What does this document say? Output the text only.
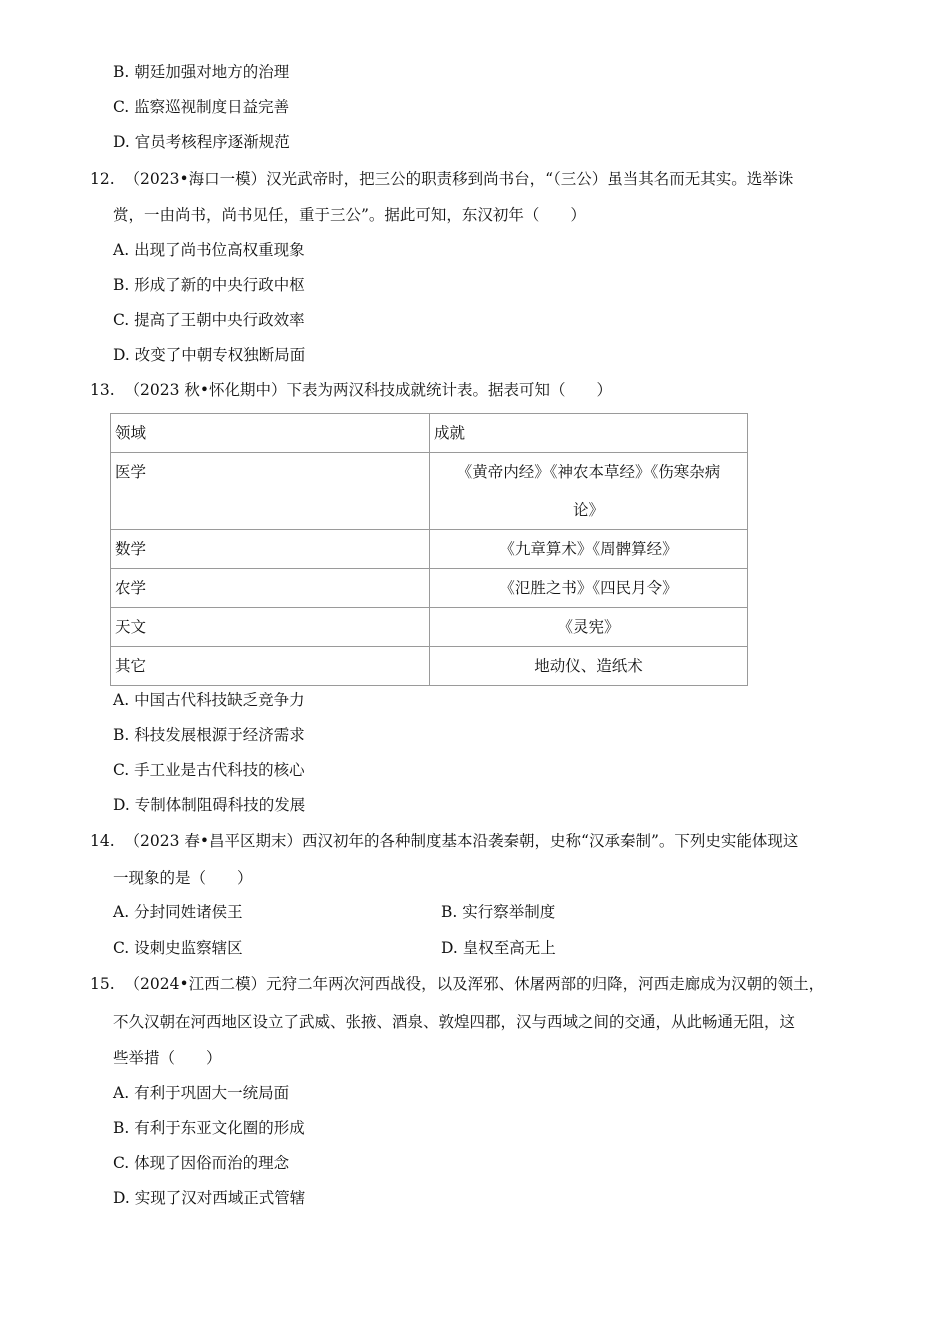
B. 朝廷加强对地方的治理
C. 监察巡视制度日益完善
D. 官员考核程序逐渐规范
12. （2023•海口一模）汉光武帝时，把三公的职责移到尚书台，“（三公）虽当其名而无其实。选举诛
赏，一由尚书，尚书见任，重于三公”。据此可知，东汉初年（　　）
A. 出现了尚书位高权重现象
B. 形成了新的中央行政中枢
C. 提高了王朝中央行政效率
D. 改变了中朝专权独断局面
13. （2023 秋•怀化期中）下表为两汉科技成就统计表。据表可知（　　）
领域	成就
医学	《黄帝内经》《神农本草经》《伤寒杂病
论》

数学	《九章算术》《周髀算经》
农学	《氾胜之书》《四民月令》
天文	《灵宪》
其它	地动仪、造纸术
A. 中国古代科技缺乏竞争力
B. 科技发展根源于经济需求
C. 手工业是古代科技的核心
D. 专制体制阻碍科技的发展
14. （2023 春•昌平区期末）西汉初年的各种制度基本沿袭秦朝，史称“汉承秦制”。下列史实能体现这
一现象的是（　　）
A. 分封同姓诸侯王	B. 实行察举制度
C. 设刺史监察辖区	D. 皇权至高无上
15. （2024•江西二模）元狩二年两次河西战役，以及浑邪、休屠两部的归降，河西走廊成为汉朝的领土，
不久汉朝在河西地区设立了武威、张掖、酒泉、敦煌四郡，汉与西域之间的交通，从此畅通无阻，这
些举措（　　）
A. 有利于巩固大一统局面
B. 有利于东亚文化圈的形成
C. 体现了因俗而治的理念
D. 实现了汉对西域正式管辖
